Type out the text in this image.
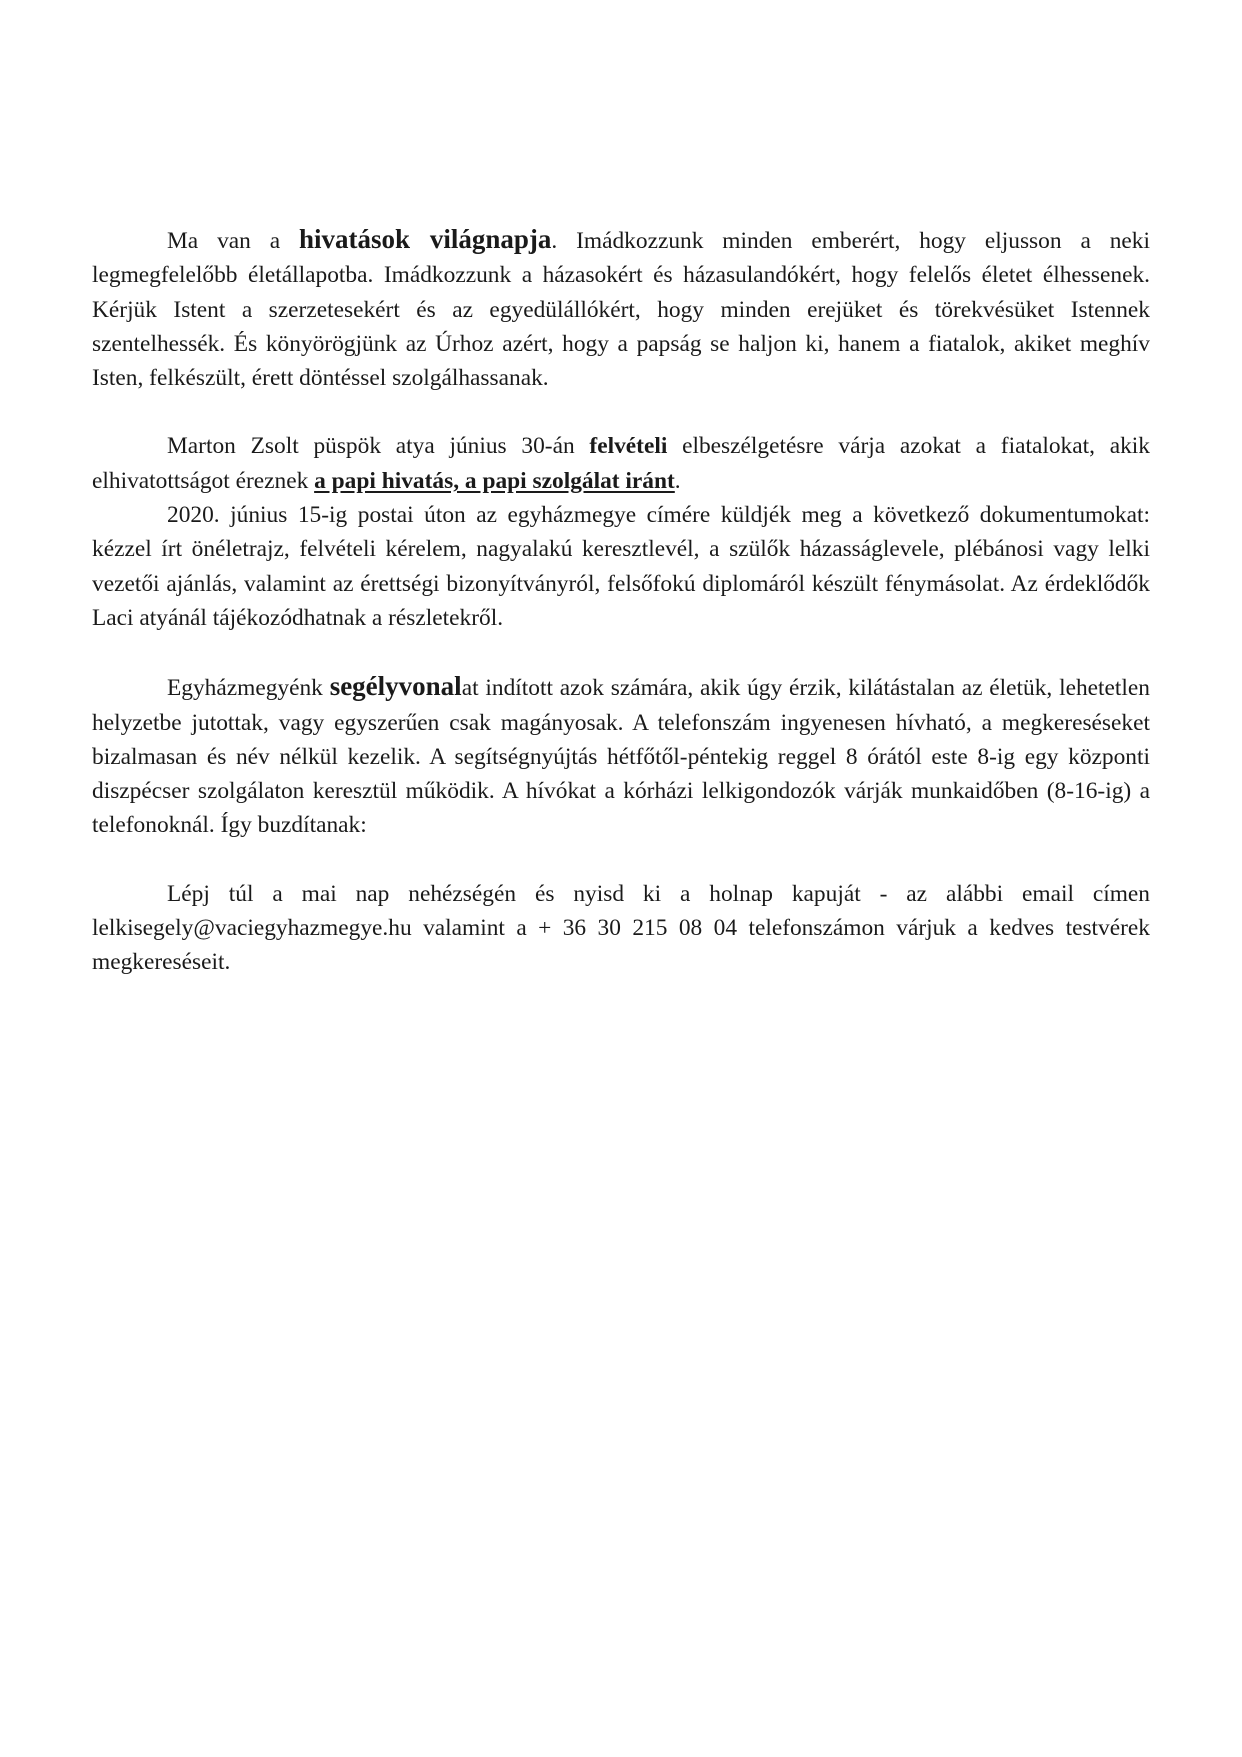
Ma van a hivatások világnapja. Imádkozzunk minden emberért, hogy eljusson a neki legmegfelelőbb életállapotba. Imádkozzunk a házasokért és házasulandókért, hogy felelős életet élhessenek. Kérjük Istent a szerzetesekért és az egyedülállókért, hogy minden erejüket és törekvésüket Istennek szentelhessék. És könyörögjünk az Úrhoz azért, hogy a papság se haljon ki, hanem a fiatalok, akiket meghív Isten, felkészült, érett döntéssel szolgálhassanak.

Marton Zsolt püspök atya június 30-án felvételi elbeszélgetésre várja azokat a fiatalokat, akik elhivatottságot éreznek a papi hivatás, a papi szolgálat iránt.

2020. június 15-ig postai úton az egyházmegye címére küldjék meg a következő dokumentumokat: kézzel írt önéletrajz, felvételi kérelem, nagyalakú keresztlevél, a szülők házasságlevele, plébánosi vagy lelki vezetői ajánlás, valamint az érettségi bizonyítványról, felsőfokú diplomáról készült fénymásolat. Az érdeklődők Laci atyánál tájékozódhatnak a részletekről.

Egyházmegyénk segélyvonalat indított azok számára, akik úgy érzik, kilátástalan az életük, lehetetlen helyzetbe jutottak, vagy egyszerűen csak magányosak. A telefonszám ingyenesen hívható, a megkereséseket bizalmasan és név nélkül kezelik. A segítségnyújtás hétfőtől-péntekig reggel 8 órától este 8-ig egy központi diszpécser szolgálaton keresztül működik. A hívókat a kórházi lelkigondozók várják munkaidőben (8-16-ig) a telefonoknál. Így buzdítanak:

Lépj túl a mai nap nehézségén és nyisd ki a holnap kapuját - az alábbi email címen lelkisegely@vaciegyhazmegye.hu valamint a + 36 30 215 08 04 telefonszámon várjuk a kedves testvérek megkereséseit.
